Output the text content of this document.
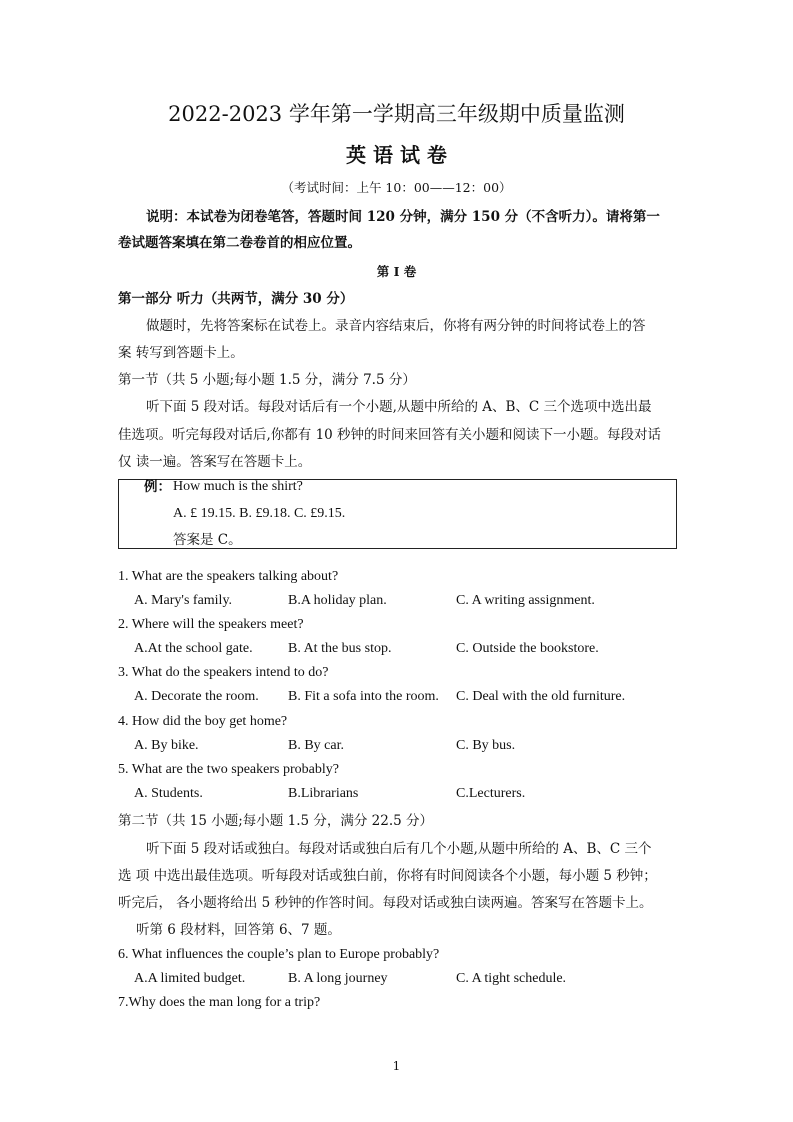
2022-2023 学年第一学期高三年级期中质量监测
英 语 试 卷
（考试时间：上午 10：00——12：00）
说明：本试卷为闭卷笔答，答题时间 120 分钟，满分 150 分（不含听力）。请将第一
卷试题答案填在第二卷卷首的相应位置。
第 I 卷
第一部分 听力（共两节，满分 30 分）
做题时，先将答案标在试卷上。录音内容结束后，你将有两分钟的时间将试卷上的答
案 转写到答题卡上。
第一节（共 5 小题;每小题 1.5 分，满分 7.5 分）
听下面 5 段对话。每段对话后有一个小题,从题中所给的 A、B、C 三个选项中选出最
佳选项。听完每段对话后,你都有 10 秒钟的时间来回答有关小题和阅读下一小题。每段对话
仅 读一遍。答案写在答题卡上。
例： How much is the shirt?
A. £ 19.15. B. £9.18. C. £9.15.
答案是 C。
第二节（共 15 小题;每小题 1.5 分，满分 22.5 分）
听下面 5 段对话或独白。每段对话或独白后有几个小题,从题中所给的 A、B、C 三个
选 项 中选出最佳选项。听每段对话或独白前，你将有时间阅读各个小题，每小题 5 秒钟；
听完后， 各小题将给出 5 秒钟的作答时间。每段对话或独白读两遍。答案写在答题卡上。
听第 6 段材料，回答第 6、7 题。
7.Why does the man long for a trip?
1
1. What are the speakers talking about?
A. Mary's family.	B.A holiday plan.	C. A writing assignment.
2. Where will the speakers meet?
A.At the school gate.	B. At the bus stop.	C. Outside the bookstore.
3. What do the speakers intend to do?
A. Decorate the room. B. Fit a sofa into the room. C. Deal with the old furniture.
4. How did the boy get home?
A. By bike.	B. By car.	C. By bus.
5. What are the two speakers probably?
A. Students.	B.Librarians	C.Lecturers.
6. What influences the couple’s plan to Europe probably?
A.A limited budget.	B. A long journey	C. A tight schedule.
